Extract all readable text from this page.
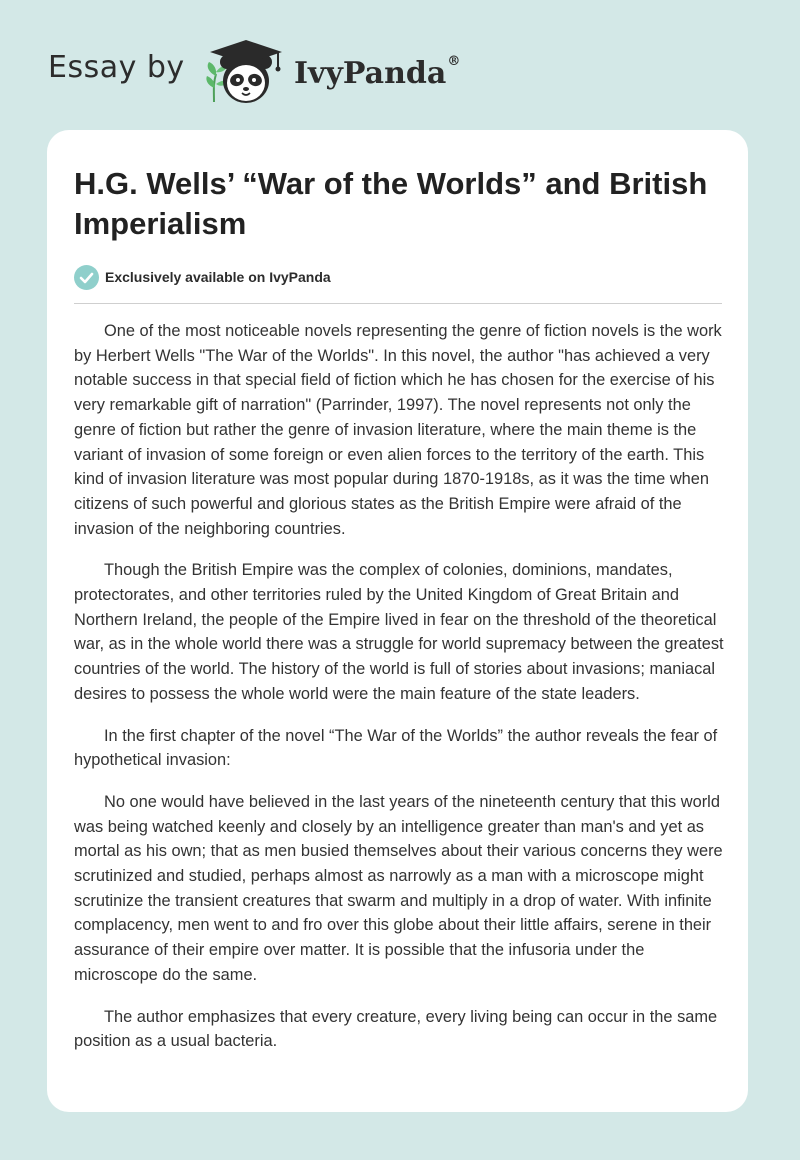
Essay by	IvyPanda®
H.G. Wells’ “War of the Worlds” and British Imperialism
Exclusively available on IvyPanda

One of the most noticeable novels representing the genre of fiction novels is the work by Herbert Wells "The War of the Worlds". In this novel, the author "has achieved a very notable success in that special field of fiction which he has chosen for the exercise of his very remarkable gift of narration" (Parrinder, 1997). The novel represents not only the genre of fiction but rather the genre of invasion literature, where the main theme is the variant of invasion of some foreign or even alien forces to the territory of the earth. This kind of invasion literature was most popular during 1870-1918s, as it was the time when citizens of such powerful and glorious states as the British Empire were afraid of the invasion of the neighboring countries.

Though the British Empire was the complex of colonies, dominions, mandates, protectorates, and other territories ruled by the United Kingdom of Great Britain and Northern Ireland, the people of the Empire lived in fear on the threshold of the theoretical war, as in the whole world there was a struggle for world supremacy between the greatest countries of the world. The history of the world is full of stories about invasions; maniacal desires to possess the whole world were the main feature of the state leaders.

In the first chapter of the novel “The War of the Worlds” the author reveals the fear of hypothetical invasion:

No one would have believed in the last years of the nineteenth century that this world was being watched keenly and closely by an intelligence greater than man's and yet as mortal as his own; that as men busied themselves about their various concerns they were scrutinized and studied, perhaps almost as narrowly as a man with a microscope might scrutinize the transient creatures that swarm and multiply in a drop of water. With infinite complacency, men went to and fro over this globe about their little affairs, serene in their assurance of their empire over matter. It is possible that the infusoria under the microscope do the same.

The author emphasizes that every creature, every living being can occur in the same position as a usual bacteria.
